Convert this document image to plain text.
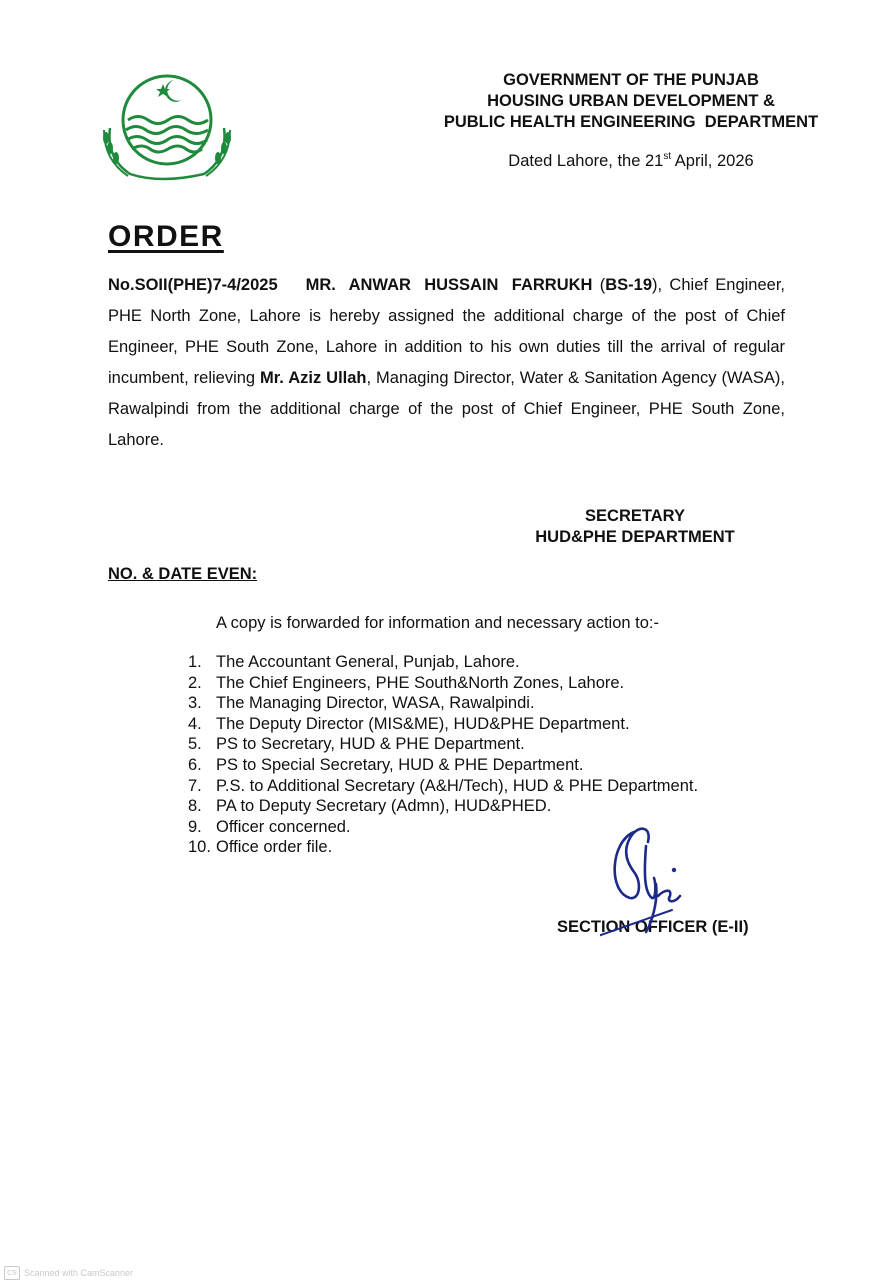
GOVERNMENT OF THE PUNJAB
HOUSING URBAN DEVELOPMENT &
PUBLIC HEALTH ENGINEERING  DEPARTMENT
Dated Lahore, the 21st April, 2026
ORDER
No.SOII(PHE)7-4/2025 MR. ANWAR HUSSAIN FARRUKH (BS-19), Chief Engineer, PHE North Zone, Lahore is hereby assigned the additional charge of the post of Chief Engineer, PHE South Zone, Lahore in addition to his own duties till the arrival of regular incumbent, relieving Mr. Aziz Ullah, Managing Director, Water & Sanitation Agency (WASA), Rawalpindi from the additional charge of the post of Chief Engineer, PHE South Zone, Lahore.
SECRETARY
HUD&PHE DEPARTMENT
NO. & DATE EVEN:
A copy is forwarded for information and necessary action to:-
1. The Accountant General, Punjab, Lahore.
2. The Chief Engineers, PHE South&North Zones, Lahore.
3. The Managing Director, WASA, Rawalpindi.
4. The Deputy Director (MIS&ME), HUD&PHE Department.
5. PS to Secretary, HUD & PHE Department.
6. PS to Special Secretary, HUD & PHE Department.
7. P.S. to Additional Secretary (A&H/Tech), HUD & PHE Department.
8. PA to Deputy Secretary (Admn), HUD&PHED.
9. Officer concerned.
10. Office order file.
SECTION OFFICER (E-II)
CS Scanned with CamScanner
